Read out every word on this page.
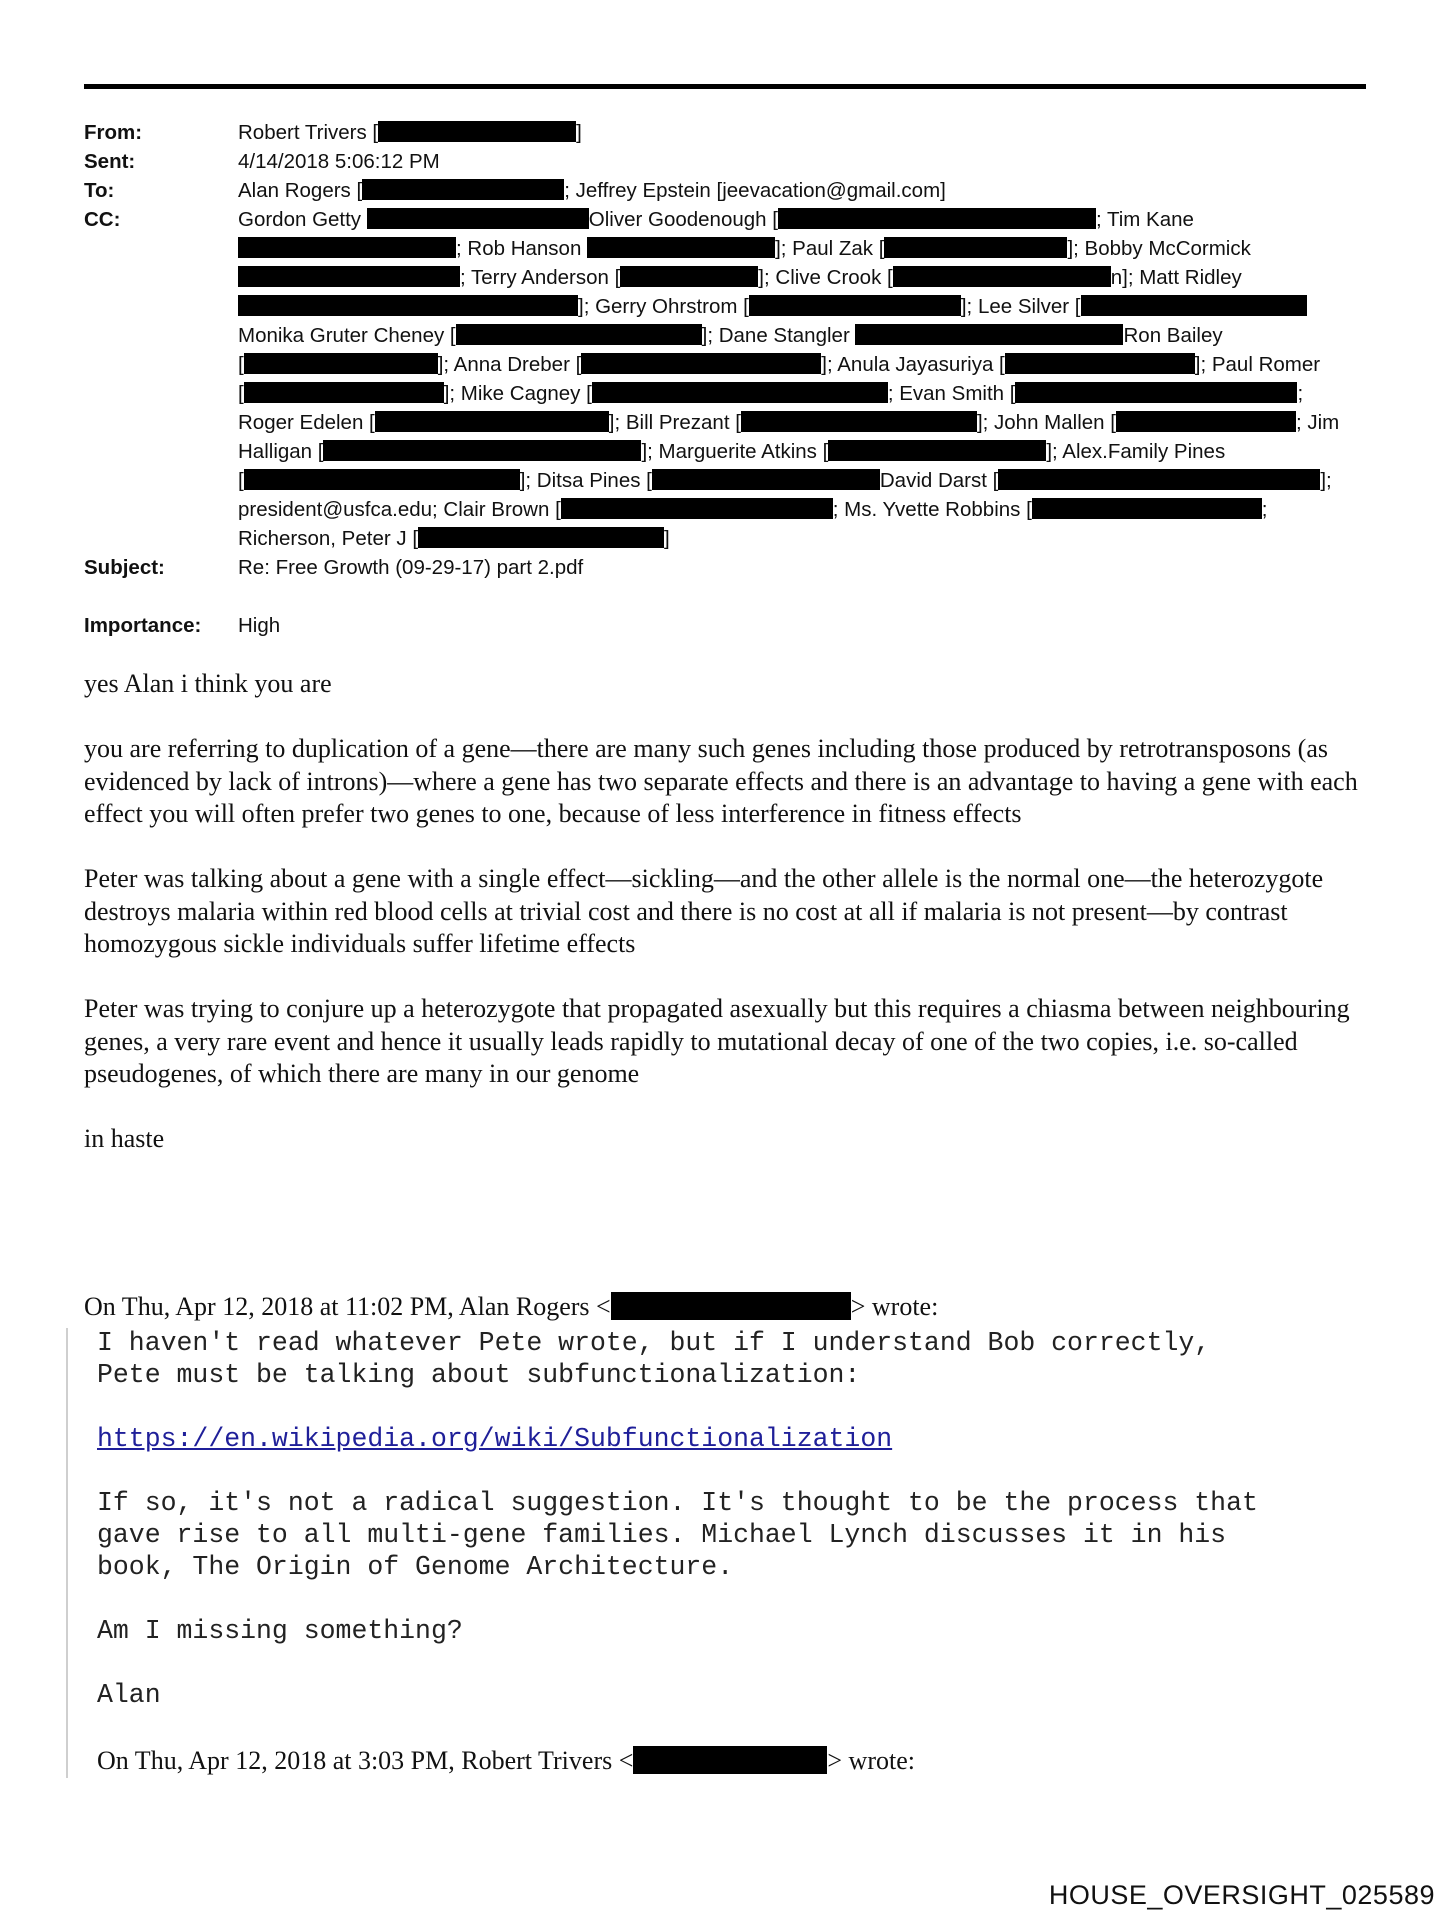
From:	Robert Trivers [	]
Sent:	4/14/2018 5:06:12 PM
To:	Alan Rogers [	; Jeffrey Epstein [jeevacation@gmail.com]
CC:	Gordon Getty	Oliver Goodenough [	; Tim Kane
; Rob Hanson	]; Paul Zak [	]; Bobby McCormick
; Terry Anderson [	]; Clive Crook [	n]; Matt Ridley
]; Gerry Ohrstrom [	]; Lee Silver [
Monika Gruter Cheney [	]; Dane Stangler	Ron Bailey
[	]; Anna Dreber [	]; Anula Jayasuriya [	]; Paul Romer
[	]; Mike Cagney [	; Evan Smith [	;
Roger Edelen [	]; Bill Prezant [	]; John Mallen [	; Jim
Halligan [	]; Marguerite Atkins [	]; Alex.Family Pines
[	]; Ditsa Pines [	David Darst [	];
president@usfca.edu; Clair Brown [	; Ms. Yvette Robbins [	;
Richerson, Peter J [	]
Subject:	Re: Free Growth (09-29-17) part 2.pdf
Importance:	High

yes Alan i think you are

you are referring to duplication of a gene—there are many such genes including those produced by retrotransposons (as evidenced by lack of introns)—where a gene has two separate effects and there is an advantage to having a gene with each effect you will often prefer two genes to one, because of less interference in fitness effects

Peter was talking about a gene with a single effect—sickling—and the other allele is the normal one—the heterozygote destroys malaria within red blood cells at trivial cost and there is no cost at all if malaria is not present—by contrast homozygous sickle individuals suffer lifetime effects

Peter was trying to conjure up a heterozygote that propagated asexually but this requires a chiasma between neighbouring genes, a very rare event and hence it usually leads rapidly to mutational decay of one of the two copies, i.e. so-called pseudogenes, of which there are many in our genome

in haste

On Thu, Apr 12, 2018 at 11:02 PM, Alan Rogers <	> wrote:

I haven't read whatever Pete wrote, but if I understand Bob correctly,
Pete must be talking about subfunctionalization:

https://en.wikipedia.org/wiki/Subfunctionalization

If so, it's not a radical suggestion. It's thought to be the process that
gave rise to all multi-gene families. Michael Lynch discusses it in his
book, The Origin of Genome Architecture.

Am I missing something?

Alan

On Thu, Apr 12, 2018 at 3:03 PM, Robert Trivers <	> wrote:
HOUSE_OVERSIGHT_025589
